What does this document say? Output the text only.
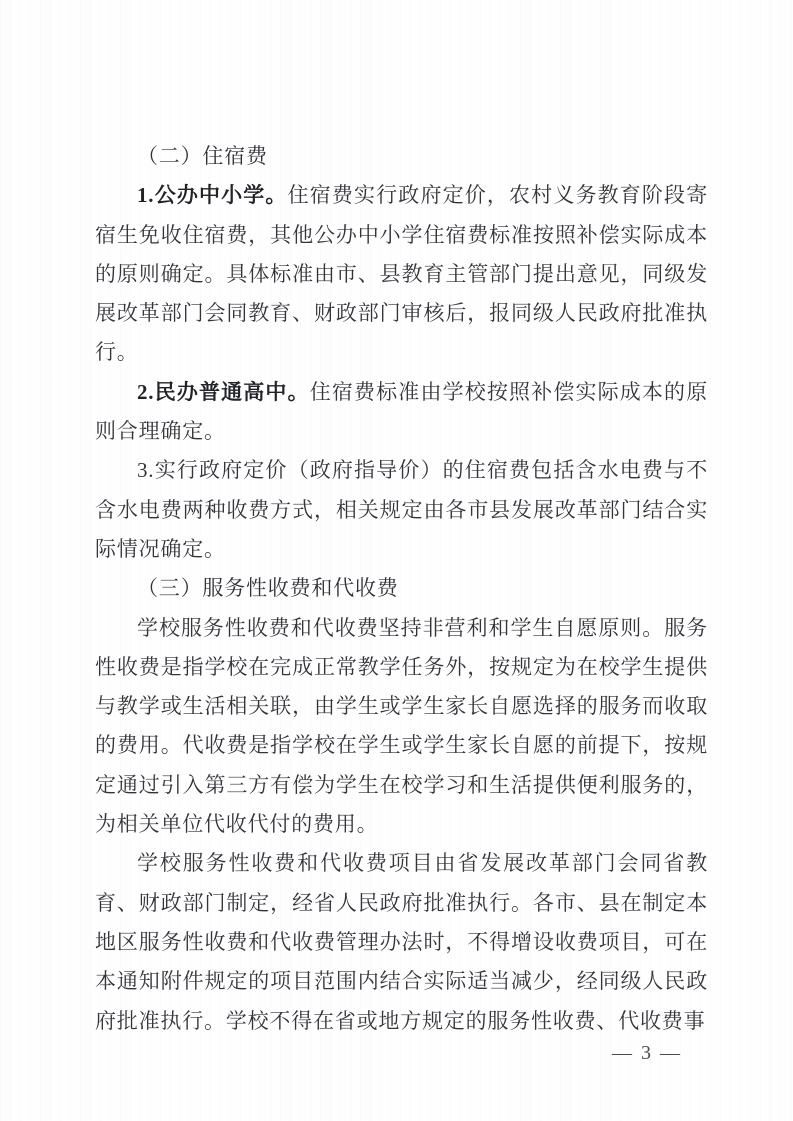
（二）住宿费

1.公办中小学。住宿费实行政府定价，农村义务教育阶段寄宿生免收住宿费，其他公办中小学住宿费标准按照补偿实际成本的原则确定。具体标准由市、县教育主管部门提出意见，同级发展改革部门会同教育、财政部门审核后，报同级人民政府批准执行。

2.民办普通高中。住宿费标准由学校按照补偿实际成本的原则合理确定。

3.实行政府定价（政府指导价）的住宿费包括含水电费与不含水电费两种收费方式，相关规定由各市县发展改革部门结合实际情况确定。

（三）服务性收费和代收费

学校服务性收费和代收费坚持非营利和学生自愿原则。服务性收费是指学校在完成正常教学任务外，按规定为在校学生提供与教学或生活相关联，由学生或学生家长自愿选择的服务而收取的费用。代收费是指学校在学生或学生家长自愿的前提下，按规定通过引入第三方有偿为学生在校学习和生活提供便利服务的，为相关单位代收代付的费用。

学校服务性收费和代收费项目由省发展改革部门会同省教育、财政部门制定，经省人民政府批准执行。各市、县在制定本地区服务性收费和代收费管理办法时，不得增设收费项目，可在本通知附件规定的项目范围内结合实际适当减少，经同级人民政府批准执行。学校不得在省或地方规定的服务性收费、代收费事

— 3 —
